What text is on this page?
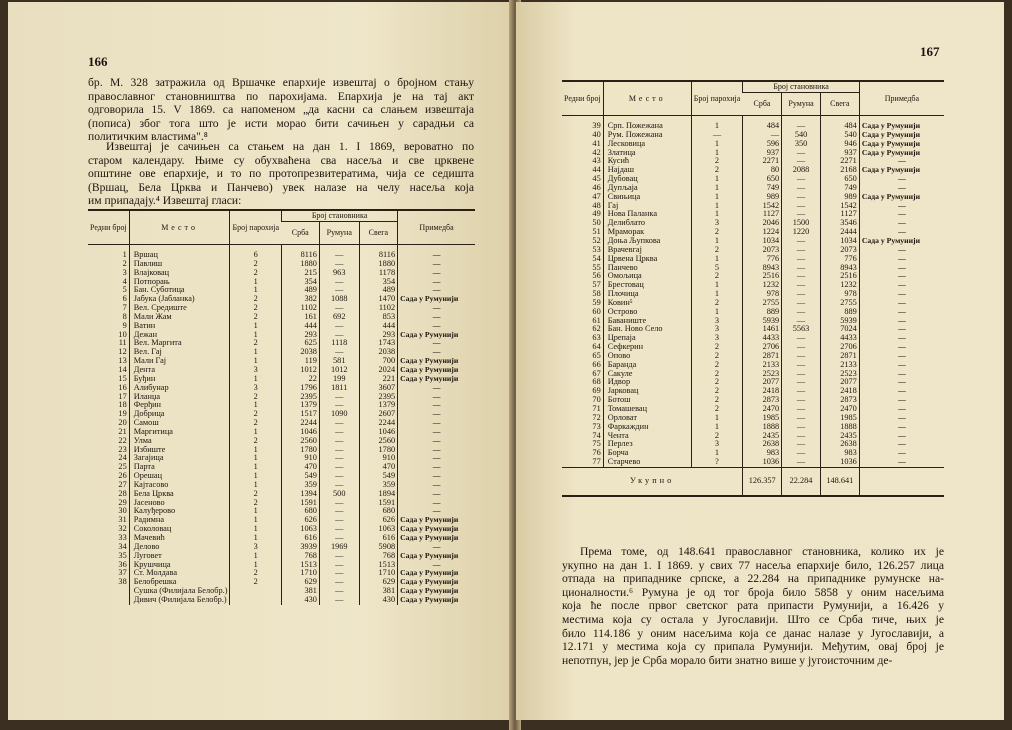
166
бр. М. 328 затражила од Вршачке епархије извештај о бројном стању
православног становништва по парохијама. Епархија је на тај акт
одговорила 15. V 1869. са напоменом „да касни са слањем извештаја
(пописа) због тога што је исти морао бити сачињен у сарадњи са
политичким властима".⁸
Извештај је сачињен са стањем на дан 1. I 1869, вероватно по
старом календару. Њиме су обухваћена сва насеља и све црквене
општине ове епархије, и то по протопрезвитератима, чија се седишта
(Вршац, Бела Црква и Панчево) увек налазе на челу насеља која
им припадају.⁴ Извештај гласи:
Редни број	Место	Број парохија	Број становника			Примедба
			Срба	Румуна	Свега	
1	Вршац	6	8116	—	8116	—
2	Павлиш	2	1880	—	1880	—
3	Влајковац	2	215	963	1178	—
4	Потпорањ	1	354	—	354	—
5	Бан. Суботица	1	489	—	489	—
6	Јабука (Јабланка)	2	382	1088	1470	Сада у Румунији
7	Вел. Средиште	2	1102	—	1102	—
8	Мали Жам	2	161	692	853	—
9	Ватин	1	444	—	444	—
10	Дежан	1	293	—	293	Сада у Румунији
11	Вел. Маргита	2	625	1118	1743	—
12	Вел. Гај	1	2038	—	2038	—
13	Мали Гај	1	119	581	700	Сада у Румунији
14	Дента	3	1012	1012	2024	Сада у Румунији
15	Буђин	1	22	199	221	Сада у Румунији
16	Алибунар	3	1796	1811	3607	—
17	Иланџа	2	2395	—	2395	—
18	Ферђин	1	1379	—	1379	—
19	Добрица	2	1517	1090	2607	—
20	Самош	2	2244	—	2244	—
21	Маргитица	1	1046	—	1046	—
22	Улма	2	2560	—	2560	—
23	Избиште	1	1780	—	1780	—
24	Загајица	1	910	—	910	—
25	Парта	1	470	—	470	—
26	Орешац	1	549	—	549	—
27	Кајтасово	1	359	—	359	—
28	Бела Црква	2	1394	500	1894	—
29	Јасеново	2	1591	—	1591	—
30	Калуђерово	1	680	—	680	—
31	Радимна	1	626	—	626	Сада у Румунији
32	Соколовац	1	1063	—	1063	Сада у Румунији
33	Мачевић	1	616	—	616	Сада у Румунији
34	Делово	3	3939	1969	5908	—
35	Луговет	1	768	—	768	Сада у Румунији
36	Крушчица	1	1513	—	1513	—
37	Ст. Молдава	2	1710	—	1710	Сада у Румунији
38	Белобрешка	2	629	—	629	Сада у Румунији
	Сушка (Филијала Белобр.)		381	—	381	Сада у Румунији
	Дивич (Филијала Белобр.)		430	—	430	Сада у Румунији
167
Редни број	Место	Број парохија	Број становника			Примедба
			Срба	Румуна	Свега	
39	Срп. Пожежана	1	484	—	484	Сада у Румунији
40	Рум. Пожежана	—	—	540	540	Сада у Румунији
41	Лесковица	1	596	350	946	Сада у Румунији
42	Златица	1	937	—	937	Сада у Румунији
43	Кусић	2	2271	—	2271	—
44	Најдаш	2	80	2088	2168	Сада у Румунији
45	Дубовац	1	650	—	650	—
46	Дупљаја	1	749	—	749	—
47	Свињица	1	989	—	989	Сада у Румунији
48	Гај	1	1542	—	1542	—
49	Нова Паланка	1	1127	—	1127	—
50	Делиблато	3	2046	1500	3546	—
51	Мраморак	2	1224	1220	2444	—
52	Доња Љупкова	1	1034	—	1034	Сада у Румунији
53	Врачевгај	2	2073	—	2073	—
54	Црвена Црква	1	776	—	776	—
55	Панчево	5	8943	—	8943	—
56	Омољица	2	2516	—	2516	—
57	Брестовац	1	1232	—	1232	—
58	Плочица	1	978	—	978	—
59	Ковин⁵	2	2755	—	2755	—
60	Острово	1	889	—	889	—
61	Баваниште	3	5939	—	5939	—
62	Бан. Ново Село	3	1461	5563	7024	—
63	Црепаја	3	4433	—	4433	—
64	Сефкерин	2	2706	—	2706	—
65	Опово	2	2871	—	2871	—
66	Баранда	2	2133	—	2133	—
67	Сакуле	2	2523	—	2523	—
68	Идвор	2	2077	—	2077	—
69	Јарковац	2	2418	—	2418	—
70	Ботош	2	2873	—	2873	—
71	Томашевац	2	2470	—	2470	—
72	Орловат	1	1985	—	1985	—
73	Фаркаждин	1	1888	—	1888	—
74	Чента	2	2435	—	2435	—
75	Перлез	3	2638	—	2638	—
76	Борча	1	983	—	983	—
77	Старчево	?	1036	—	1036	—
Укупно			126.357	22.284	148.641	
Према томе, од 148.641 православног становника, колико их је
укупно на дан 1. I 1869. у свих 77 насеља епархије било, 126.257 лица
отпада на припаднике српске, а 22.284 на припаднике румунске на-
ционалности.⁶ Румуна је од тог броја било 5858 у оним насељима
која ће после првог светског рата припасти Румунији, а 16.426 у
местима која су остала у Југославији. Што се Срба тиче, њих је
било 114.186 у оним насељима која се данас налазе у Југославији, а
12.171 у местима која су припала Румунији. Међутим, овај број је
непотпун, јер је Срба морало бити знатно више у југоисточним де-
